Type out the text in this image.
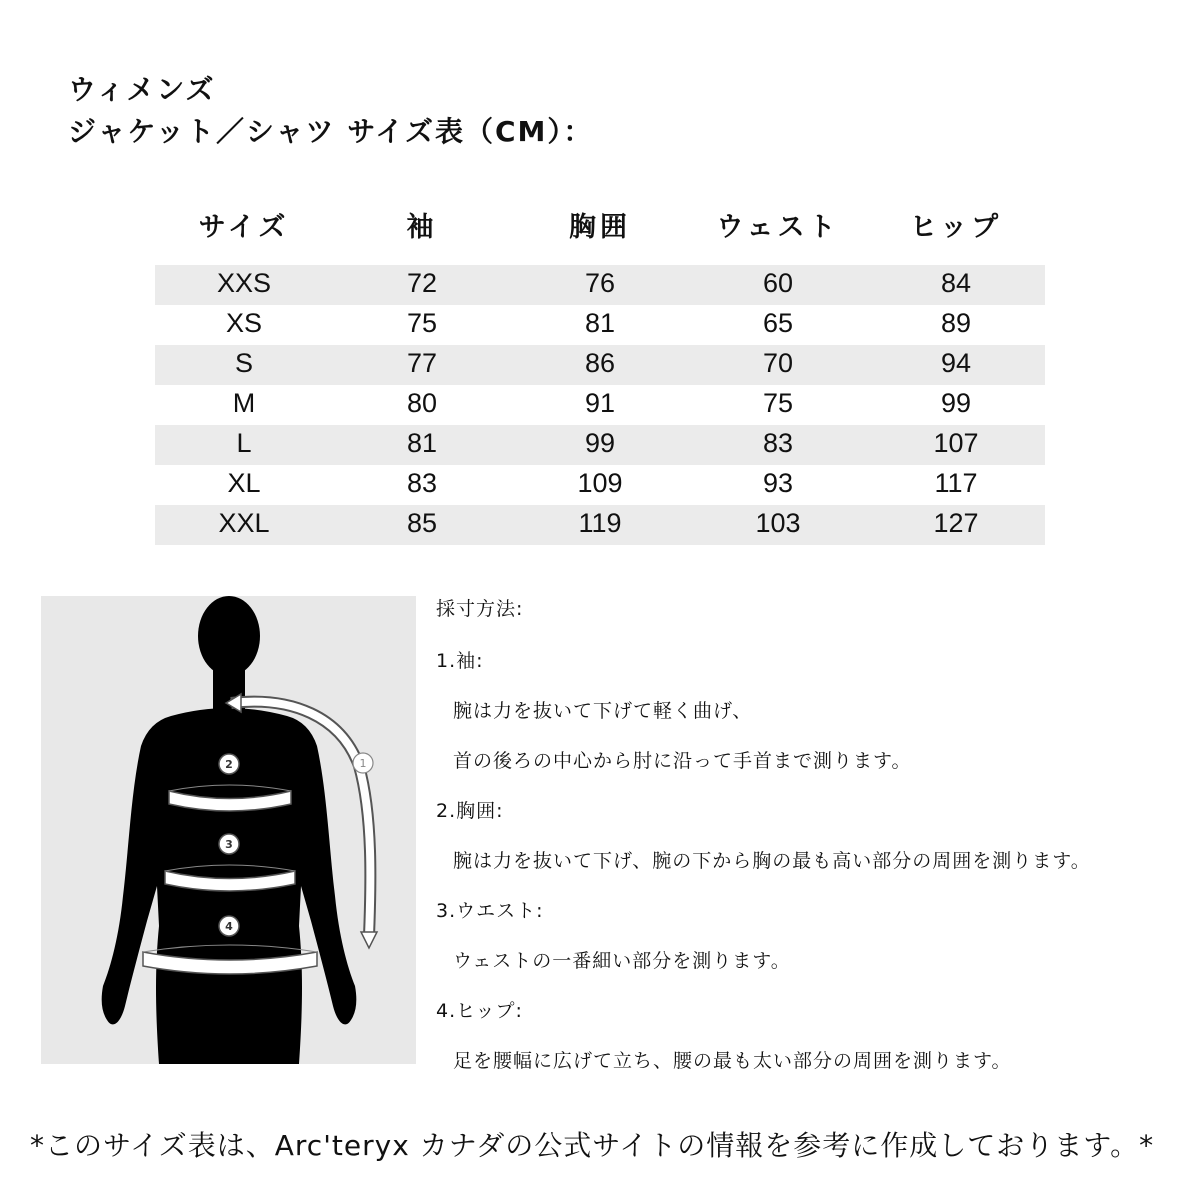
ウィメンズ
ジャケット／シャツ サイズ表（CM）：
サイズ	袖	胸囲	ウェスト	ヒップ
XXS	72	76	60	84
XS	75	81	65	89
S	77	86	70	94
M	80	91	75	99
L	81	99	83	107
XL	83	109	93	117
XXL	85	119	103	127
1
2
3
4
採寸方法:
1.袖:
腕は力を抜いて下げて軽く曲げ、
首の後ろの中心から肘に沿って手首まで測ります。
2.胸囲:
腕は力を抜いて下げ、腕の下から胸の最も高い部分の周囲を測ります。
3.ウエスト:
ウェストの一番細い部分を測ります。
4.ヒップ:
足を腰幅に広げて立ち、腰の最も太い部分の周囲を測ります。
*このサイズ表は、Arc'teryx カナダの公式サイトの情報を参考に作成しております。*
